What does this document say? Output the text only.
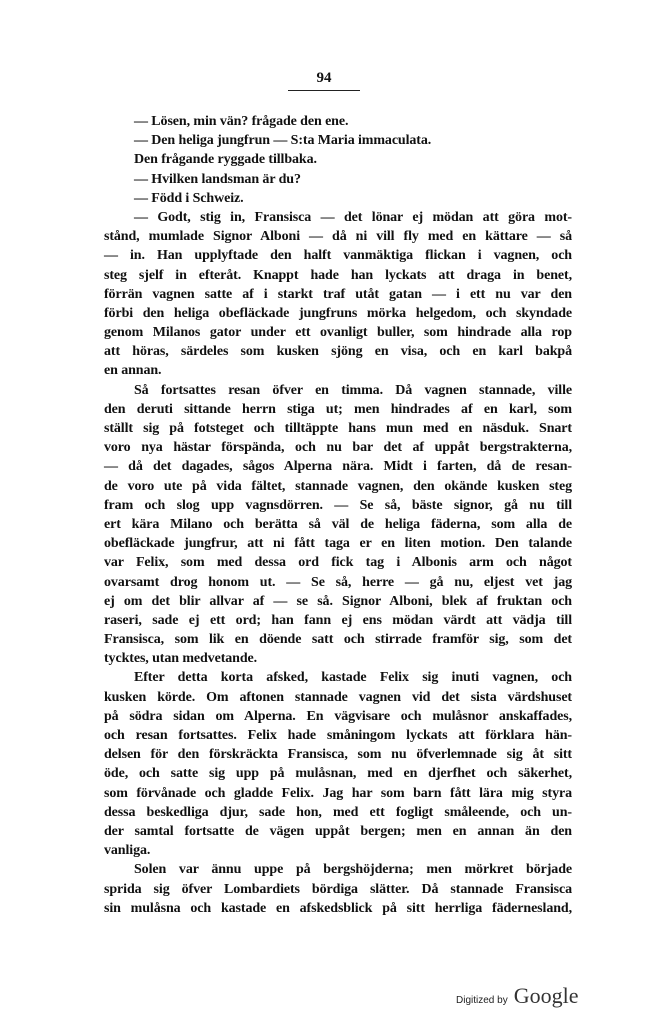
94
— Lösen, min vän? frågade den ene.
— Den heliga jungfrun — S:ta Maria immaculata.
Den frågande ryggade tillbaka.
— Hvilken landsman är du?
— Född i Schweiz.
— Godt, stig in, Fransisca — det lönar ej mödan att göra mot-
stånd, mumlade Signor Alboni — då ni vill fly med en kättare — så
— in. Han upplyftade den halft vanmäktiga flickan i vagnen, och
steg sjelf in efteråt. Knappt hade han lyckats att draga in benet,
förrän vagnen satte af i starkt traf utåt gatan — i ett nu var den
förbi den heliga obefläckade jungfruns mörka helgedom, och skyndade
genom Milanos gator under ett ovanligt buller, som hindrade alla rop
att höras, särdeles som kusken sjöng en visa, och en karl bakpå
en annan.
Så fortsattes resan öfver en timma. Då vagnen stannade, ville
den deruti sittande herrn stiga ut; men hindrades af en karl, som
ställt sig på fotsteget och tilltäppte hans mun med en näsduk. Snart
voro nya hästar förspända, och nu bar det af uppåt bergstrakterna,
— då det dagades, sågos Alperna nära. Midt i farten, då de resan-
de voro ute på vida fältet, stannade vagnen, den okände kusken steg
fram och slog upp vagnsdörren. — Se så, bäste signor, gå nu till
ert kära Milano och berätta så väl de heliga fäderna, som alla de
obefläckade jungfrur, att ni fått taga er en liten motion. Den talande
var Felix, som med dessa ord fick tag i Albonis arm och något
ovarsamt drog honom ut. — Se så, herre — gå nu, eljest vet jag
ej om det blir allvar af — se så. Signor Alboni, blek af fruktan och
raseri, sade ej ett ord; han fann ej ens mödan värdt att vädja till
Fransisca, som lik en döende satt och stirrade framför sig, som det
tycktes, utan medvetande.
Efter detta korta afsked, kastade Felix sig inuti vagnen, och
kusken körde. Om aftonen stannade vagnen vid det sista värdshuset
på södra sidan om Alperna. En vägvisare och mulåsnor anskaffades,
och resan fortsattes. Felix hade småningom lyckats att förklara hän-
delsen för den förskräckta Fransisca, som nu öfverlemnade sig åt sitt
öde, och satte sig upp på mulåsnan, med en djerfhet och säkerhet,
som förvånade och gladde Felix. Jag har som barn fått lära mig styra
dessa beskedliga djur, sade hon, med ett fogligt småleende, och un-
der samtal fortsatte de vägen uppåt bergen; men en annan än den
vanliga.
Solen var ännu uppe på bergshöjderna; men mörkret började
sprida sig öfver Lombardiets bördiga slätter. Då stannade Fransisca
sin mulåsna och kastade en afskedsblick på sitt herrliga fädernesland,
Digitized by Google
